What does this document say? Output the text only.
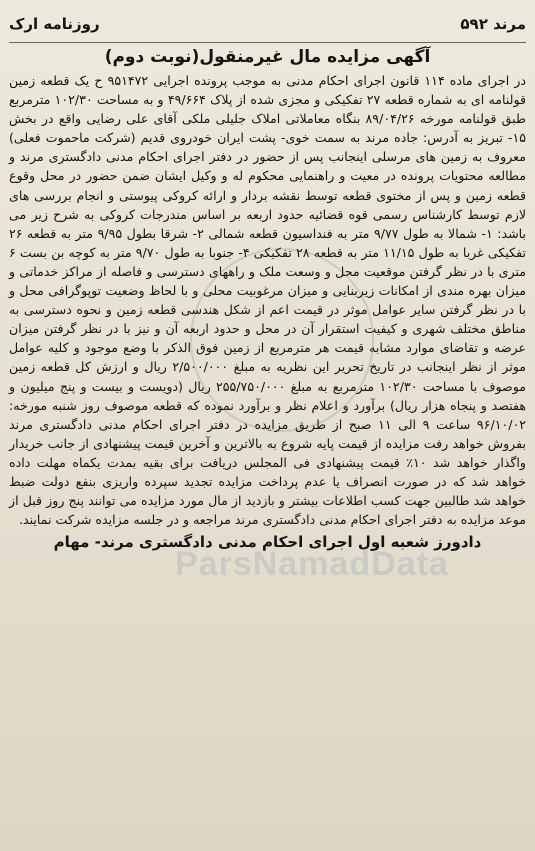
ParsNamadData
مرند ۵۹۲
روزنامه ارک
آگهی مزایده مال غیرمنقول(نوبت دوم)
در اجرای ماده ۱۱۴ قانون اجرای احکام مدنی به موجب پرونده اجرایی ۹۵۱۴۷۲ ح یک قطعه زمین قولنامه ای به شماره قطعه ۲۷ تفکیکی و مجزی شده از پلاک ۴۹/۶۶۴ و به مساحت ۱۰۲/۳۰ مترمربع طبق قولنامه مورخه ۸۹/۰۴/۲۶ بنگاه معاملاتی املاک جلیلی ملکی آقای علی رضایی واقع در بخش ۱۵- تبریز به آدرس: جاده مرند به سمت خوی- پشت ایران خودروی قدیم (شرکت ماحموت فعلی) معروف به زمین های مرسلی اینجانب پس از حضور در دفتر اجرای احکام مدنی دادگستری مرند و مطالعه محتویات پرونده در معیت و راهنمایی محکوم له و وکیل ایشان ضمن حضور در محل وقوع قطعه زمین و پس از مختوی قطعه توسط نقشه بردار و ارائه کروکی پیوستی و انجام بررسی های لازم توسط کارشناس رسمی قوه قضائیه حدود اربعه بر اساس مندرجات کروکی به شرح زیر می باشد: ۱- شمالا به طول ۹/۷۷ متر به فنداسیون قطعه شمالی ۲- شرقا بطول ۹/۹۵ متر به قطعه ۲۶ تفکیکی غربا به طول ۱۱/۱۵ متر به قطعه ۲۸ تفکیکی ۴- جنوبا به طول ۹/۷۰ متر به کوچه بن بست ۶ متری با در نظر گرفتن موقعیت محل و وسعت ملک و راههای دسترسی و فاصله از مراکز خدماتی و میزان بهره مندی از امکانات زیربنایی و میزان مرغوبیت محلی و با لحاظ وضعیت توپوگرافی محل و با در نظر گرفتن سایر عوامل موثر در قیمت اعم از شکل هندسی قطعه زمین و نحوه دسترسی به مناطق مختلف شهری و کیفیت استقرار آن در محل و حدود اربعه آن و نیز با در نظر گرفتن میزان عرضه و تقاضای موارد مشابه قیمت هر مترمربع از زمین فوق الذکر با وضع موجود و کلیه عوامل موثر از نظر اینجانب در تاریخ تحریر این نظریه به مبلغ ۲/۵۰۰/۰۰۰ ریال و ارزش کل قطعه زمین موصوف با مساحت ۱۰۲/۳۰ مترمربع به مبلغ ۲۵۵/۷۵۰/۰۰۰ ریال (دویست و بیست و پنج میلیون و هفتصد و پنجاه هزار ریال) برآورد و اعلام نظر و برآورد نموده که قطعه موصوف روز شنبه مورخه: ۹۶/۱۰/۰۲ ساعت ۹ الی ۱۱ صبح از طریق مزایده در دفتر اجرای احکام مدنی دادگستری مرند بفروش خواهد رفت مزایده از قیمت پایه شروع به بالاترین و آخرین قیمت پیشنهادی از جانب خریدار واگذار خواهد شد ۱۰٪ قیمت پیشنهادی فی المجلس دریافت برای بقیه بمدت یکماه مهلت داده خواهد شد که در صورت انصراف یا عدم پرداخت مزایده تجدید سپرده واریزی بنفع دولت ضبط خواهد شد طالبین جهت کسب اطلاعات بیشتر و بازدید از مال مورد مزایده می توانند پنج روز قبل از موعد مزایده به دفتر اجرای احکام مدنی دادگستری مرند مراجعه و در جلسه مزایده شرکت نمایند.
دادورز شعبه اول اجرای احکام مدنی دادگستری مرند- مهام
